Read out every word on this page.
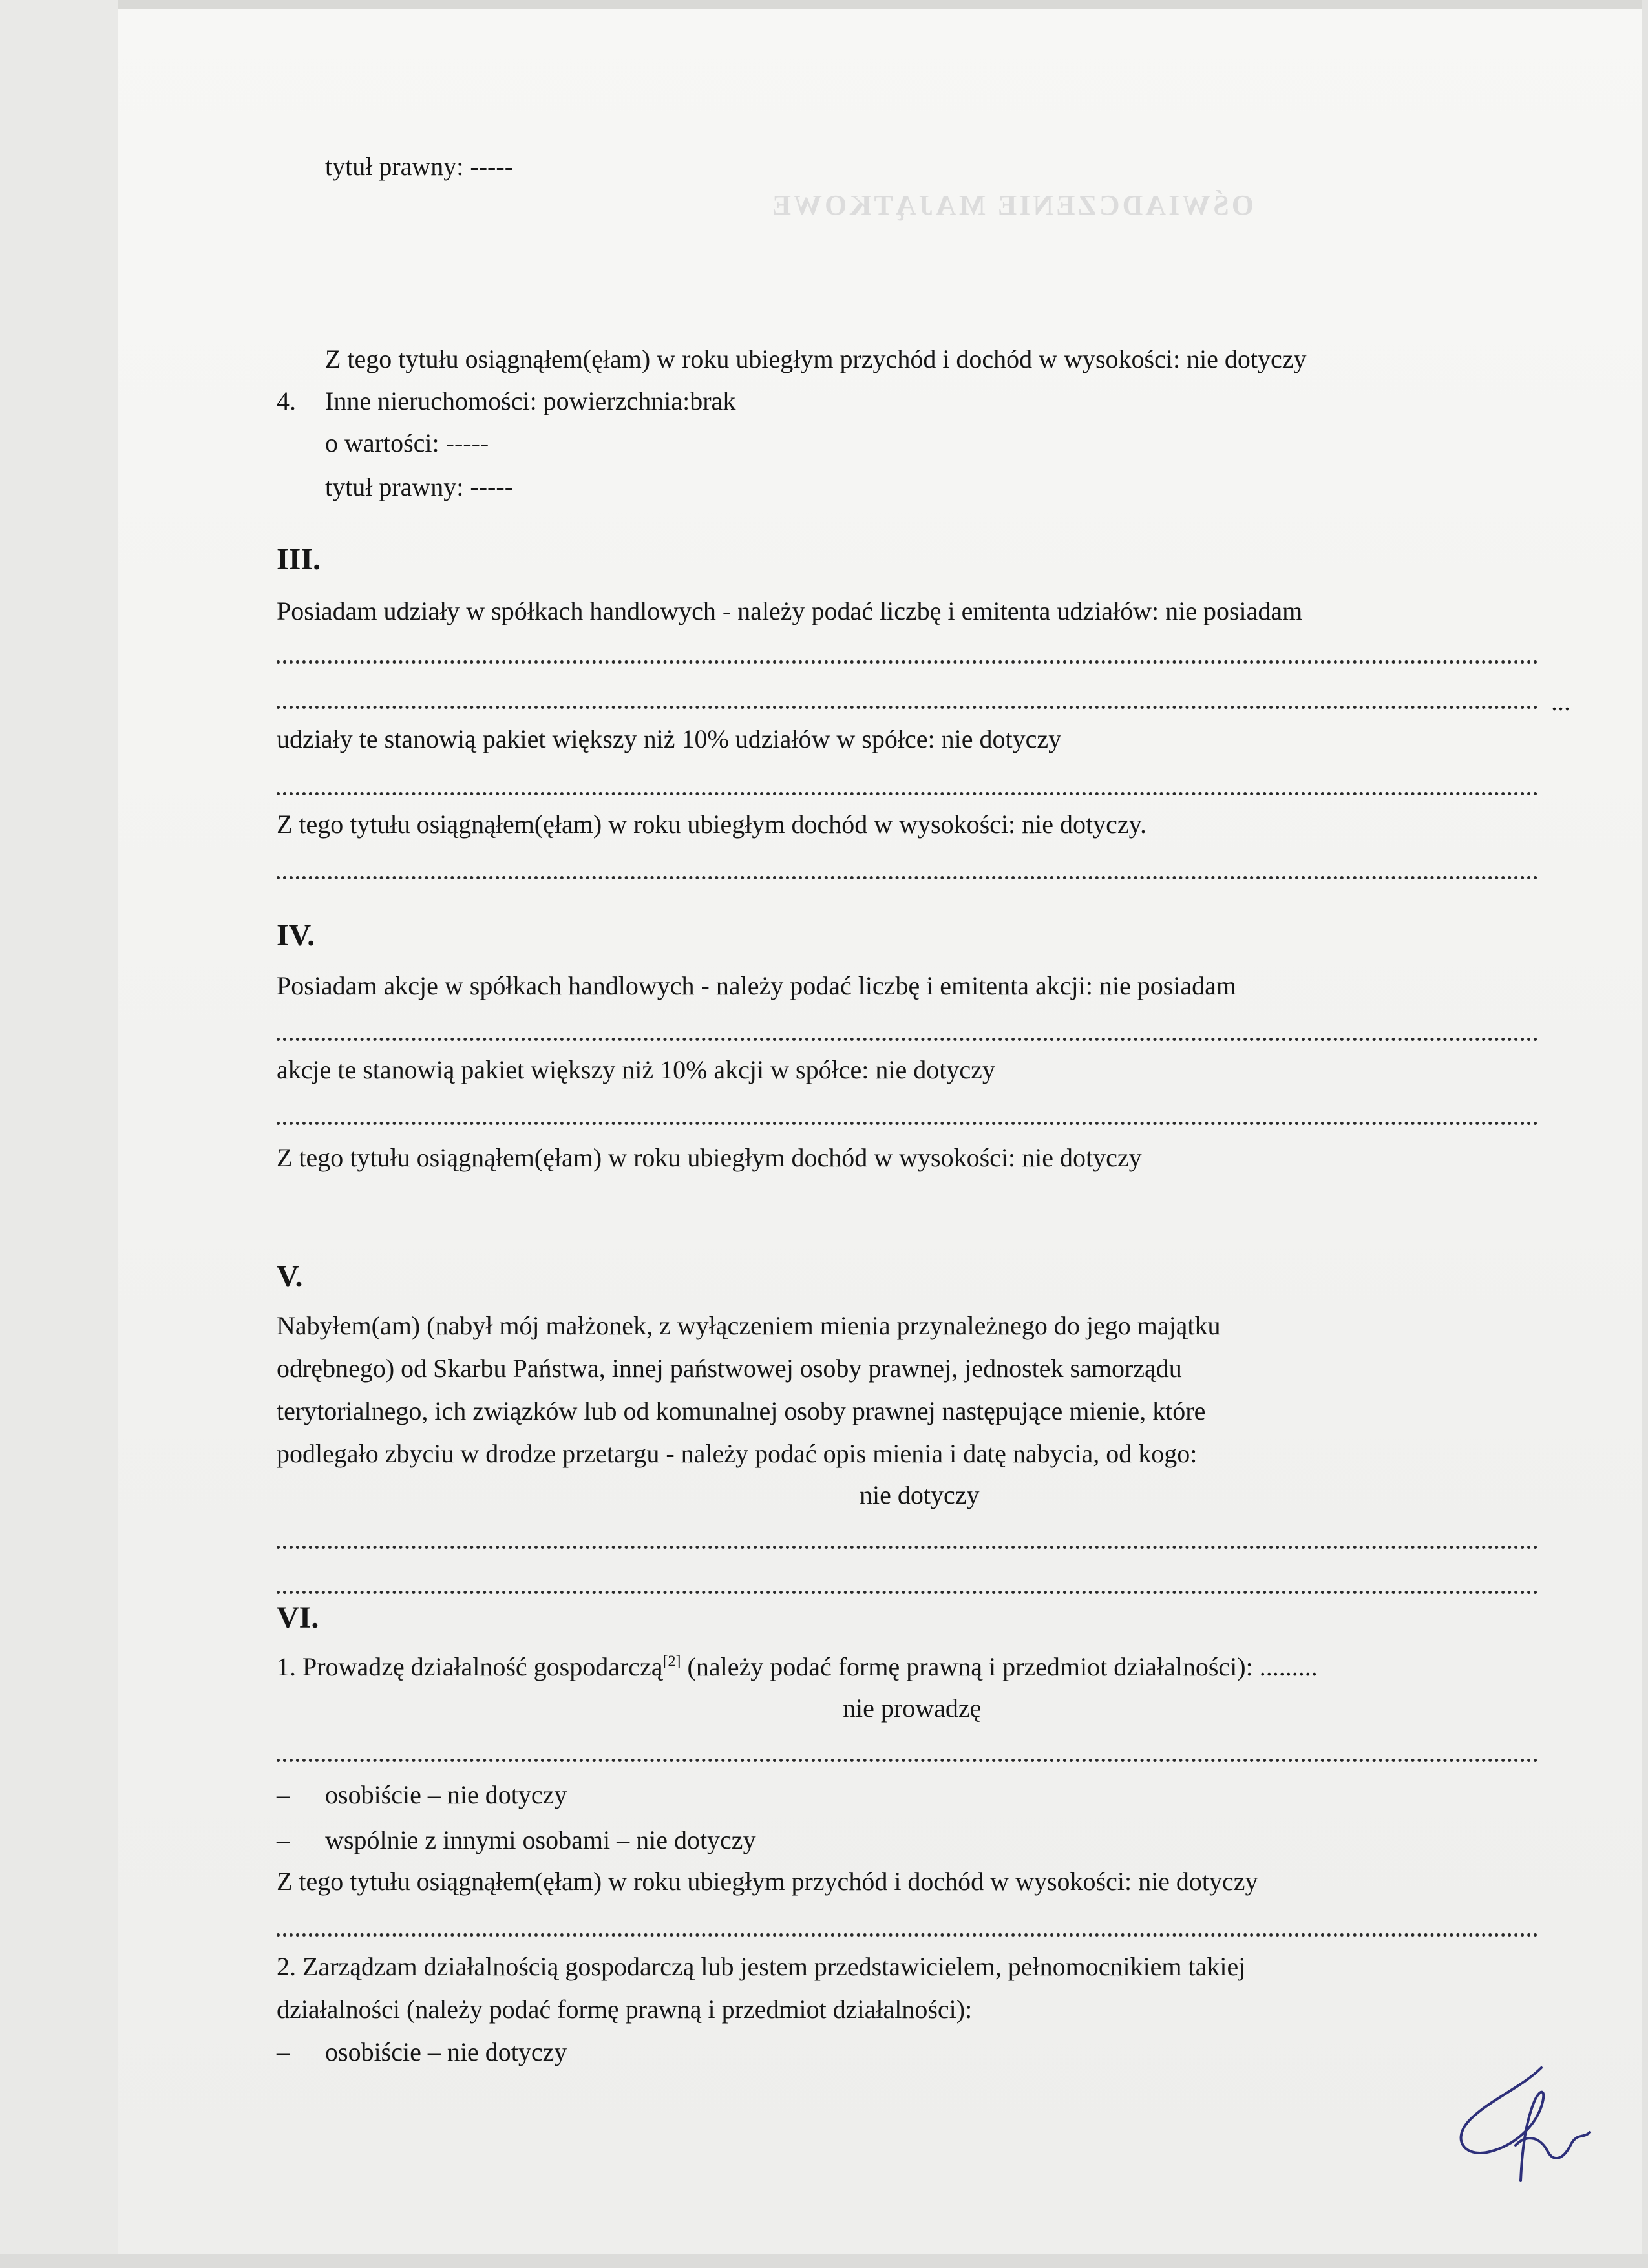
OŚWIADCZENIE MAJĄTKOWE
tytuł prawny: -----
Z tego tytułu osiągnąłem(ęłam) w roku ubiegłym przychód i dochód w wysokości: nie dotyczy
4. Inne nieruchomości: powierzchnia:brak
o wartości: -----
tytuł prawny: -----
III.
Posiadam udziały w spółkach handlowych - należy podać liczbę i emitenta udziałów: nie posiadam
...
udziały te stanowią pakiet większy niż 10% udziałów w spółce: nie dotyczy
Z tego tytułu osiągnąłem(ęłam) w roku ubiegłym dochód w wysokości: nie dotyczy.
IV.
Posiadam akcje w spółkach handlowych - należy podać liczbę i emitenta akcji: nie posiadam
akcje te stanowią pakiet większy niż 10% akcji w spółce: nie dotyczy
Z tego tytułu osiągnąłem(ęłam) w roku ubiegłym dochód w wysokości: nie dotyczy
V.
Nabyłem(am) (nabył mój małżonek, z wyłączeniem mienia przynależnego do jego majątku
odrębnego) od Skarbu Państwa, innej państwowej osoby prawnej, jednostek samorządu
terytorialnego, ich związków lub od komunalnej osoby prawnej następujące mienie, które
podlegało zbyciu w drodze przetargu - należy podać opis mienia i datę nabycia, od kogo:
nie dotyczy
VI.
1. Prowadzę działalność gospodarczą[2] (należy podać formę prawną i przedmiot działalności): .........
nie prowadzę
– osobiście – nie dotyczy
– wspólnie z innymi osobami – nie dotyczy
Z tego tytułu osiągnąłem(ęłam) w roku ubiegłym przychód i dochód w wysokości: nie dotyczy
2. Zarządzam działalnością gospodarczą lub jestem przedstawicielem, pełnomocnikiem takiej
działalności (należy podać formę prawną i przedmiot działalności):
– osobiście – nie dotyczy
